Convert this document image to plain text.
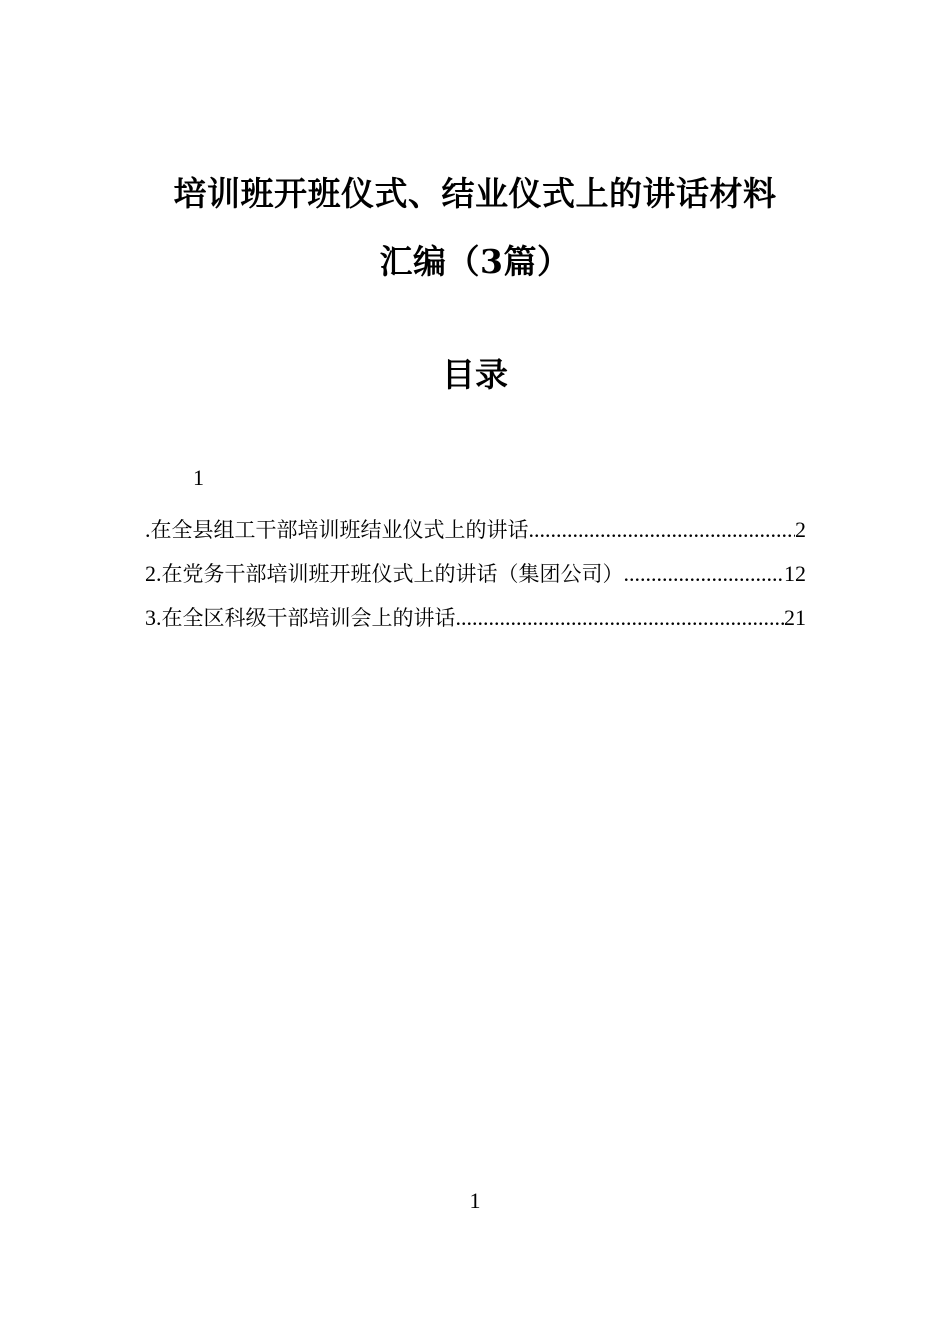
培训班开班仪式、结业仪式上的讲话材料
汇编（3篇）
目录
1
. 在全县组工干部培训班结业仪式上的讲话 .....	2
2. 在党务干部培训班开班仪式上的讲话（集团公司） .....	12
3. 在全区科级干部培训会上的讲话 .....	21
1
